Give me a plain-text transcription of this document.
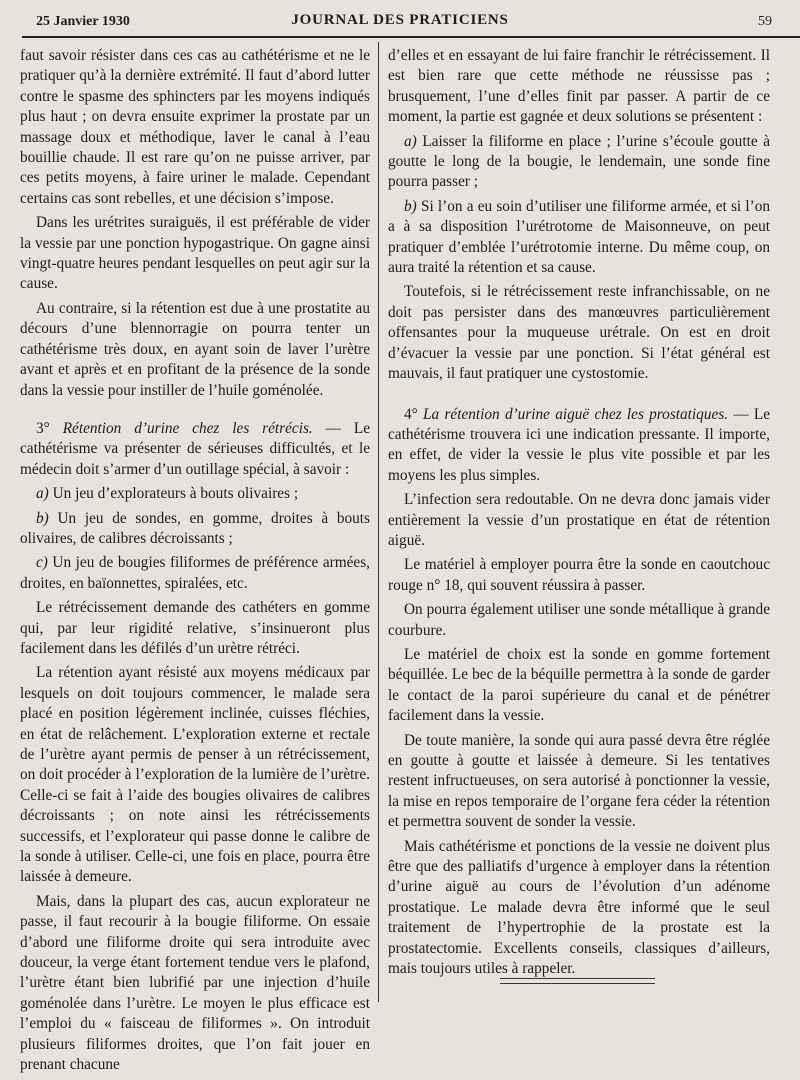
25 Janvier 1930	JOURNAL DES PRATICIENS	59

faut savoir résister dans ces cas au cathétérisme et ne le pratiquer qu’à la dernière extrémité. Il faut d’abord lutter contre le spasme des sphincters par les moyens indiqués plus haut ; on devra ensuite exprimer la prostate par un massage doux et méthodique, laver le canal à l’eau bouillie chaude. Il est rare qu’on ne puisse arriver, par ces petits moyens, à faire uriner le malade. Cependant certains cas sont rebelles, et une décision s’impose.

Dans les urétrites suraiguës, il est préférable de vider la vessie par une ponction hypogastrique. On gagne ainsi vingt-quatre heures pendant lesquelles on peut agir sur la cause.

Au contraire, si la rétention est due à une prostatite au décours d’une blennorragie on pourra tenter un cathétérisme très doux, en ayant soin de laver l’urètre avant et après et en profitant de la présence de la sonde dans la vessie pour instiller de l’huile goménolée.

3° Rétention d’urine chez les rétrécis. — Le cathétérisme va présenter de sérieuses difficultés, et le médecin doit s’armer d’un outillage spécial, à savoir :

a) Un jeu d’explorateurs à bouts olivaires ;

b) Un jeu de sondes, en gomme, droites à bouts olivaires, de calibres décroissants ;

c) Un jeu de bougies filiformes de préférence armées, droites, en baïonnettes, spiralées, etc.

Le rétrécissement demande des cathéters en gomme qui, par leur rigidité relative, s’insinueront plus facilement dans les défilés d’un urètre rétréci.

La rétention ayant résisté aux moyens médicaux par lesquels on doit toujours commencer, le malade sera placé en position légèrement inclinée, cuisses fléchies, en état de relâchement. L’exploration externe et rectale de l’urètre ayant permis de penser à un rétrécissement, on doit procéder à l’exploration de la lumière de l’urètre. Celle-ci se fait à l’aide des bougies olivaires de calibres décroissants ; on note ainsi les rétrécissements successifs, et l’explorateur qui passe donne le calibre de la sonde à utiliser. Celle-ci, une fois en place, pourra être laissée à demeure.

Mais, dans la plupart des cas, aucun explorateur ne passe, il faut recourir à la bougie filiforme. On essaie d’abord une filiforme droite qui sera introduite avec douceur, la verge étant fortement tendue vers le plafond, l’urètre étant bien lubrifié par une injection d’huile goménolée dans l’urètre. Le moyen le plus efficace est l’emploi du « faisceau de filiformes ». On introduit plusieurs filiformes droites, que l’on fait jouer en prenant chacune

d’elles et en essayant de lui faire franchir le rétrécissement. Il est bien rare que cette méthode ne réussisse pas ; brusquement, l’une d’elles finit par passer. A partir de ce moment, la partie est gagnée et deux solutions se présentent :

a) Laisser la filiforme en place ; l’urine s’écoule goutte à goutte le long de la bougie, le lendemain, une sonde fine pourra passer ;

b) Si l’on a eu soin d’utiliser une filiforme armée, et si l’on a à sa disposition l’urétrotome de Maisonneuve, on peut pratiquer d’emblée l’urétrotomie interne. Du même coup, on aura traité la rétention et sa cause.

Toutefois, si le rétrécissement reste infranchissable, on ne doit pas persister dans des manœuvres particulièrement offensantes pour la muqueuse urétrale. On est en droit d’évacuer la vessie par une ponction. Si l’état général est mauvais, il faut pratiquer une cystostomie.

4° La rétention d’urine aiguë chez les prostatiques. — Le cathétérisme trouvera ici une indication pressante. Il importe, en effet, de vider la vessie le plus vite possible et par les moyens les plus simples.

L’infection sera redoutable. On ne devra donc jamais vider entièrement la vessie d’un prostatique en état de rétention aiguë.

Le matériel à employer pourra être la sonde en caoutchouc rouge n° 18, qui souvent réussira à passer.

On pourra également utiliser une sonde métallique à grande courbure.

Le matériel de choix est la sonde en gomme fortement béquillée. Le bec de la béquille permettra à la sonde de garder le contact de la paroi supérieure du canal et de pénétrer facilement dans la vessie.

De toute manière, la sonde qui aura passé devra être réglée en goutte à goutte et laissée à demeure. Si les tentatives restent infructueuses, on sera autorisé à ponctionner la vessie, la mise en repos temporaire de l’organe fera céder la rétention et permettra souvent de sonder la vessie.

Mais cathétérisme et ponctions de la vessie ne doivent plus être que des palliatifs d’urgence à employer dans la rétention d’urine aiguë au cours de l’évolution d’un adénome prostatique. Le malade devra être informé que le seul traitement de l’hypertrophie de la prostate est la prostatectomie. Excellents conseils, classiques d’ailleurs, mais toujours utiles à rappeler.
